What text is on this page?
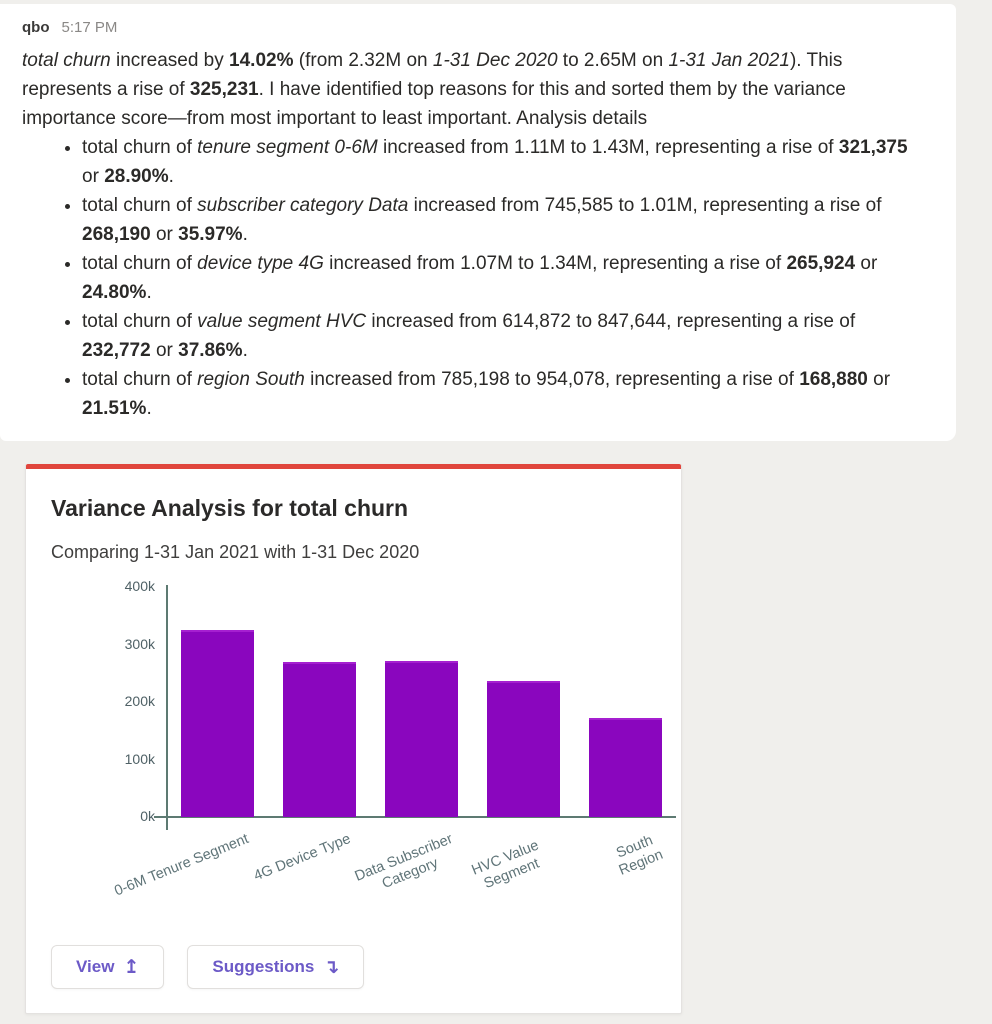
qbo 5:17 PM
total churn increased by 14.02% (from 2.32M on 1-31 Dec 2020 to 2.65M on 1-31 Jan 2021). This represents a rise of 325,231. I have identified top reasons for this and sorted them by the variance importance score—from most important to least important. Analysis details
• total churn of tenure segment 0-6M increased from 1.11M to 1.43M, representing a rise of 321,375 or 28.90%.
• total churn of subscriber category Data increased from 745,585 to 1.01M, representing a rise of 268,190 or 35.97%.
• total churn of device type 4G increased from 1.07M to 1.34M, representing a rise of 265,924 or 24.80%.
• total churn of value segment HVC increased from 614,872 to 847,644, representing a rise of 232,772 or 37.86%.
• total churn of region South increased from 785,198 to 954,078, representing a rise of 168,880 or 21.51%.
Variance Analysis for total churn
Comparing 1-31 Jan 2021 with 1-31 Dec 2020
0k
100k
200k
300k
400k
0-6M Tenure Segment 4G Device Type Data Subscriber
Category	HVC Value Segment
South Region
View ↥	Suggestions ↴
